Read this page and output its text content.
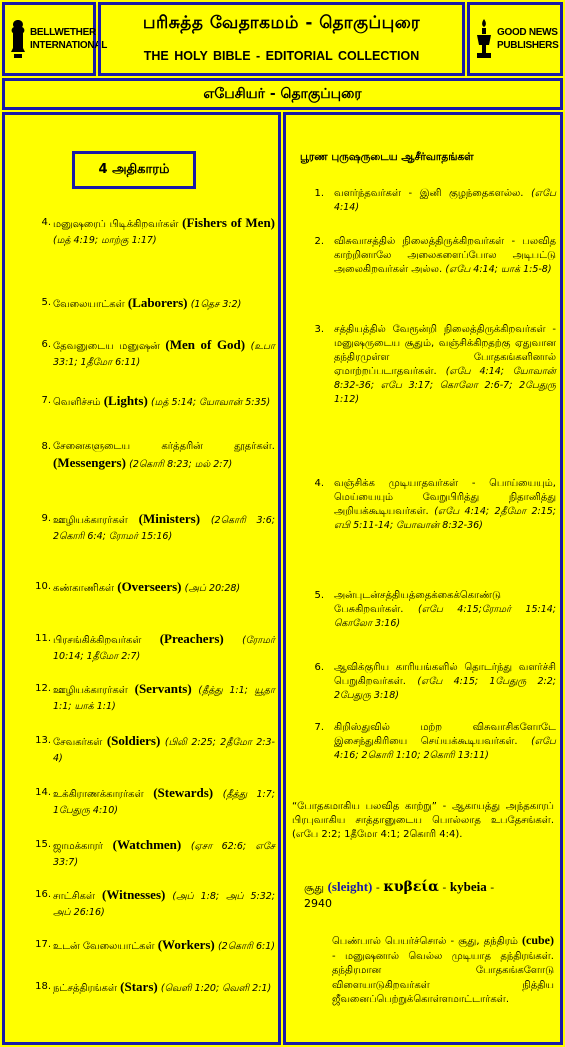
BELLWETHER
INTERNATIONAL
பரிசுத்த வேதாகமம் - தொகுப்புரை
THE HOLY BIBLE - EDITORIAL COLLECTION
GOOD NEWS
PUBLISHERS
எபேசியர் - தொகுப்புரை
4 அதிகாரம்
4. மனுஷரைப் பிடிக்கிறவர்கள் (Fishers of Men) (மத் 4:19; மாற்கு 1:17)
5. வேலையாட்கள் (Laborers) (1தெச 3:2)
6. தேவனுடைய மனுஷன் (Men of God) (உபா 33:1; 1தீமோ 6:11)
7. வெளிச்சம் (Lights) (மத் 5:14; யோவான் 5:35)
8. சேனைகளுடைய கர்த்தரின் தூதர்கள். (Messengers) (2கொரி 8:23; மல் 2:7)
9. ஊழியக்காரர்கள் (Ministers) (2கொரி 3:6; 2கொரி 6:4; ரோமர் 15:16)
10. கண்காணிகள் (Overseers) (அப் 20:28)
11. பிரசங்கிக்கிறவர்கள் (Preachers) (ரோமர் 10:14; 1தீமோ 2:7)
12. ஊழியக்காரர்கள் (Servants) (தீத்து 1:1; யூதா 1:1; யாக் 1:1)
13. சேவகர்கள் (Soldiers) (பிலி 2:25; 2தீமோ 2:3-4)
14. உக்கிராணக்காரர்கள் (Stewards) (தீத்து 1:7; 1பேதுரு 4:10)
15. ஜாமக்காரர் (Watchmen) (ஏசா 62:6; எசே 33:7)
16. சாட்சிகள் (Witnesses) (அப் 1:8; அப் 5:32; அப் 26:16)
17. உடன் வேலையாட்கள் (Workers) (2கொரி 6:1)
18. நட்சத்திரங்கள் (Stars) (வெளி 1:20; வெளி 2:1)
பூரண புருஷருடைய ஆசீர்வாதங்கள்
1. வளர்ந்தவர்கள் - இனி குழந்தைகளல்ல. (எபே 4:14)
2. விசுவாசத்தில் நிலைத்திருக்கிறவர்கள் - பலவித காற்றினாலே அலைகளைப்போல அடிபட்டு அலைகிறவர்கள் அல்ல. (எபே 4:14; யாக் 1:5-8)
3. சத்தியத்தில் வேரூன்றி நிலைத்திருக்கிறவர்கள் - மனுஷருடைய சூதும், வஞ்சிக்கிறதற்கு ஏதுவான தந்திரமுள்ள போதகங்களினால் ஏமாற்றப்படாதவர்கள். (எபே 4:14; யோவான் 8:32-36; எபே 3:17; கொலோ 2:6-7; 2பேதுரு 1:12)
4. வஞ்சிக்க முடியாதவர்கள் - பொய்யையும், மெய்யையும் வேறுபிரித்து நிதானித்து அறியக்கூடியவர்கள். (எபே 4:14; 2தீமோ 2:15; எபி 5:11-14; யோவான் 8:32-36)
5. அன்புடன்சத்தியத்தைக்கைக்கொண்டு பேசுகிறவர்கள். (எபே 4:15;ரோமர் 15:14; கொலோ 3:16)
6. ஆவிக்குரிய காரியங்களில் தொடர்ந்து வளர்ச்சி பெறுகிறவர்கள். (எபே 4:15; 1பேதுரு 2:2; 2பேதுரு 3:18)
7. கிறிஸ்துவில் மற்ற விசுவாசிகளோடே இசைந்துகிரியை செய்யக்கூடியவர்கள். (எபே 4:16; 2கொரி 1:10; 2கொரி 13:11)
“போதகமாகிய பலவித காற்று” - ஆகாயத்து அந்தகாரப் பிரபுவாகிய சாத்தானுடைய பொல்லாத உபதேசங்கள். (எபே 2:2; 1தீமோ 4:1; 2கொரி 4:4).
சூது (sleight) - κυβεία - kybeia -
2940
பெண்பால் பெயர்ச்சொல் - சூது, தந்திரம் (cube) - மனுஷனால் வெல்ல முடியாத தந்திரங்கள். தந்திரமான போதகங்களோடு விளையாடுகிறவர்கள் நித்திய ஜீவனைப்பெற்றுக்கொள்ளமாட்டார்கள்.
